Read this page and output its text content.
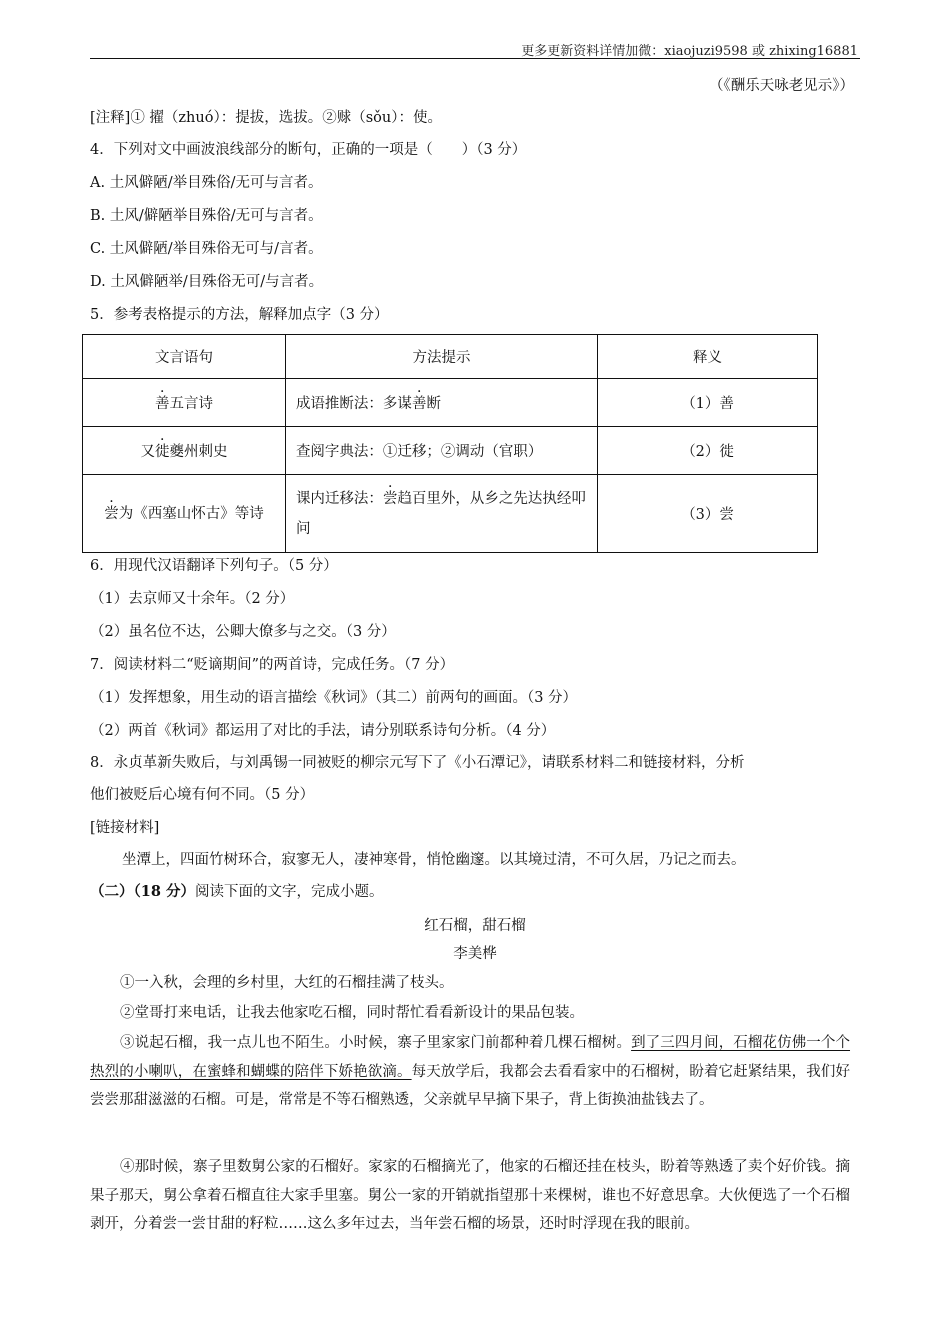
更多更新资料详情加微：xiaojuzi9598 或 zhixing16881
（《酬乐天咏老见示》）
[注释]① 擢（zhuó）：提拔，选拔。②赇（sǒu）：使。
4．下列对文中画波浪线部分的断句，正确的一项是（　　）（3 分）
A. 土风僻陋/举目殊俗/无可与言者。
B. 土风/僻陋举目殊俗/无可与言者。
C. 土风僻陋/举目殊俗无可与/言者。
D. 土风僻陋举/目殊俗无可/与言者。
5．参考表格提示的方法，解释加点字（3 分）
文言语句	方法提示	释义
善五言诗	成语推断法：多谋善断	（1）善
又徙夔州刺史	查阅字典法：①迁移；②调动（官职）	（2）徙
尝为《西塞山怀古》等诗	课内迁移法：尝趋百里外，从乡之先达执经叩问	（3）尝
6．用现代汉语翻译下列句子。（5 分）
（1）去京师又十余年。（2 分）
（2）虽名位不达，公卿大僚多与之交。（3 分）
7．阅读材料二“贬谪期间”的两首诗，完成任务。（7 分）
（1）发挥想象，用生动的语言描绘《秋词》（其二）前两句的画面。（3 分）
（2）两首《秋词》都运用了对比的手法，请分别联系诗句分析。（4 分）
8．永贞革新失败后，与刘禹锡一同被贬的柳宗元写下了《小石潭记》，请联系材料二和链接材料，分析
他们被贬后心境有何不同。（5 分）
[链接材料]
坐潭上，四面竹树环合，寂寥无人，凄神寒骨，悄怆幽邃。以其境过清，不可久居，乃记之而去。
（二）（18 分）阅读下面的文字，完成小题。
红石榴，甜石榴
李美桦
①一入秋，会理的乡村里，大红的石榴挂满了枝头。
②堂哥打来电话，让我去他家吃石榴，同时帮忙看看新设计的果品包装。
③说起石榴，我一点儿也不陌生。小时候，寨子里家家门前都种着几棵石榴树。到了三四月间，石榴花仿佛一个个热烈的小喇叭，在蜜蜂和蝴蝶的陪伴下娇艳欲滴。每天放学后，我都会去看看家中的石榴树，盼着它赶紧结果，我们好尝尝那甜滋滋的石榴。可是，常常是不等石榴熟透，父亲就早早摘下果子，背上街换油盐钱去了。
④那时候，寨子里数舅公家的石榴好。家家的石榴摘光了，他家的石榴还挂在枝头，盼着等熟透了卖个好价钱。摘果子那天，舅公拿着石榴直往大家手里塞。舅公一家的开销就指望那十来棵树，谁也不好意思拿。大伙便选了一个石榴剥开，分着尝一尝甘甜的籽粒……这么多年过去，当年尝石榴的场景，还时时浮现在我的眼前。
